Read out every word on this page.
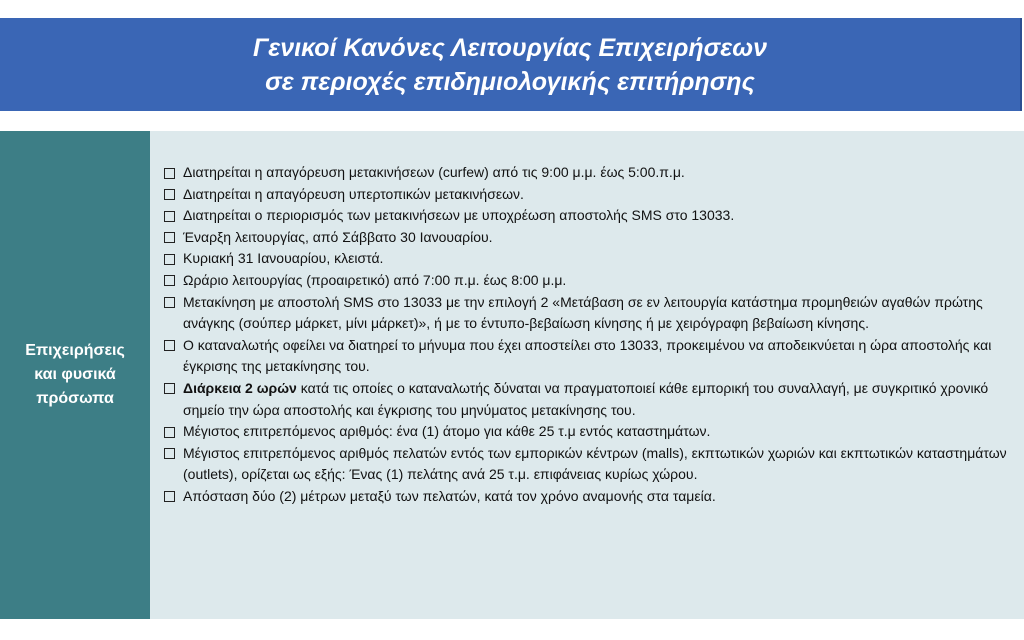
Γενικοί Κανόνες Λειτουργίας Επιχειρήσεων
σε περιοχές επιδημιολογικής επιτήρησης
Επιχειρήσεις
και φυσικά
πρόσωπα
Διατηρείται η απαγόρευση μετακινήσεων (curfew) από τις 9:00 μ.μ. έως 5:00.π.μ.
Διατηρείται η απαγόρευση υπερτοπικών μετακινήσεων.
Διατηρείται ο περιορισμός των μετακινήσεων με υποχρέωση αποστολής SMS στο 13033.
Έναρξη λειτουργίας, από Σάββατο 30 Ιανουαρίου.
Κυριακή 31 Ιανουαρίου, κλειστά.
Ωράριο λειτουργίας (προαιρετικό) από 7:00 π.μ. έως 8:00 μ.μ.
Μετακίνηση με αποστολή SMS στο 13033 με την επιλογή 2 «Μετάβαση σε εν λειτουργία κατάστημα προμηθειών αγαθών πρώτης ανάγκης (σούπερ μάρκετ, μίνι μάρκετ)», ή με το έντυπο-βεβαίωση κίνησης ή με χειρόγραφη βεβαίωση κίνησης.
Ο καταναλωτής οφείλει να διατηρεί το μήνυμα που έχει αποστείλει στο 13033, προκειμένου να αποδεικνύεται η ώρα αποστολής και έγκρισης της μετακίνησης του.
Διάρκεια 2 ωρών κατά τις οποίες ο καταναλωτής δύναται να πραγματοποιεί κάθε εμπορική του συναλλαγή, με συγκριτικό χρονικό σημείο την ώρα αποστολής και έγκρισης του μηνύματος μετακίνησης του.
Μέγιστος επιτρεπόμενος αριθμός: ένα (1) άτομο για κάθε 25 τ.μ εντός καταστημάτων.
Μέγιστος επιτρεπόμενος αριθμός πελατών εντός των εμπορικών κέντρων (malls), εκπτωτικών χωριών και εκπτωτικών καταστημάτων (outlets), ορίζεται ως εξής: Ένας (1) πελάτης ανά 25 τ.μ. επιφάνειας κυρίως χώρου.
Απόσταση δύο (2) μέτρων μεταξύ των πελατών, κατά τον χρόνο αναμονής στα ταμεία.
